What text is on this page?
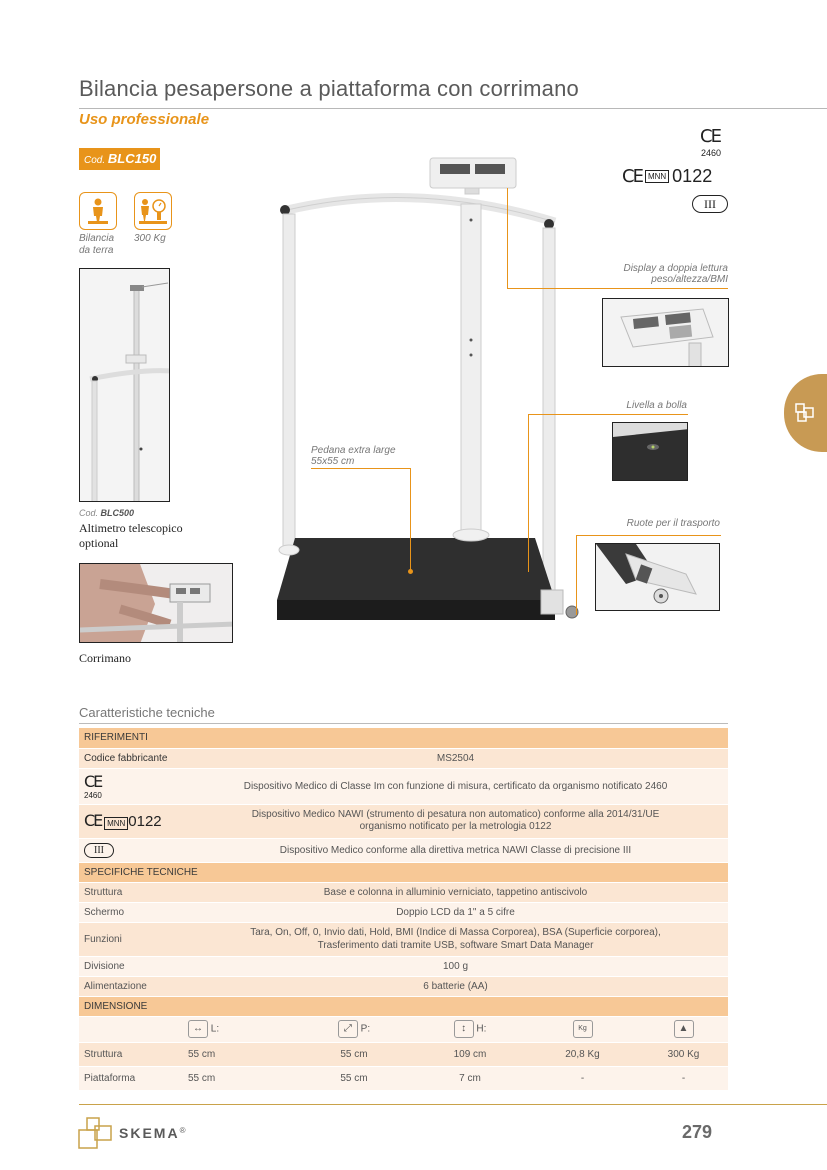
Bilancia pesapersone a piattaforma con corrimano
Uso professionale
Cod. BLC150
Bilancia
da terra
300 Kg
Cod. BLC500
Altimetro telescopico
optional
Corrimano
Display a doppia lettura
peso/altezza/BMI
Livella a bolla
Pedana extra large
55x55 cm
Ruote per il trasporto
CE
2460
CE MNN 0122
III
Caratteristiche tecniche
RIFERIMENTI					
Codice fabbricante	MS2504				

CE
2460	Dispositivo Medico di Classe Im con funzione di misura, certificato da organismo notificato 2460				
CE MNN 0122	Dispositivo Medico NAWI (strumento di pesatura non automatico) conforme alla 2014/31/UE
organismo notificato per la metrologia 0122				
III	Dispositivo Medico conforme alla direttiva metrica NAWI Classe di precisione III				
SPECIFICHE TECNICHE					
Struttura	Base e colonna in alluminio verniciato, tappetino antiscivolo				
Schermo	Doppio LCD da 1" a 5 cifre				
Funzioni	Tara, On, Off, 0, Invio dati, Hold, BMI (Indice di Massa Corporea), BSA (Superficie corporea),
Trasferimento dati tramite USB, software Smart Data Manager				
Divisione	100 g				
Alimentazione	6 batterie (AA)				
DIMENSIONE					
	↔ L:	⤢ P:	↕ H:	Kg	▲
Struttura	55 cm	55 cm	109 cm	20,8 Kg	300 Kg
Piattaforma	55 cm	55 cm	7 cm	-	-
SKEMA ®	279
